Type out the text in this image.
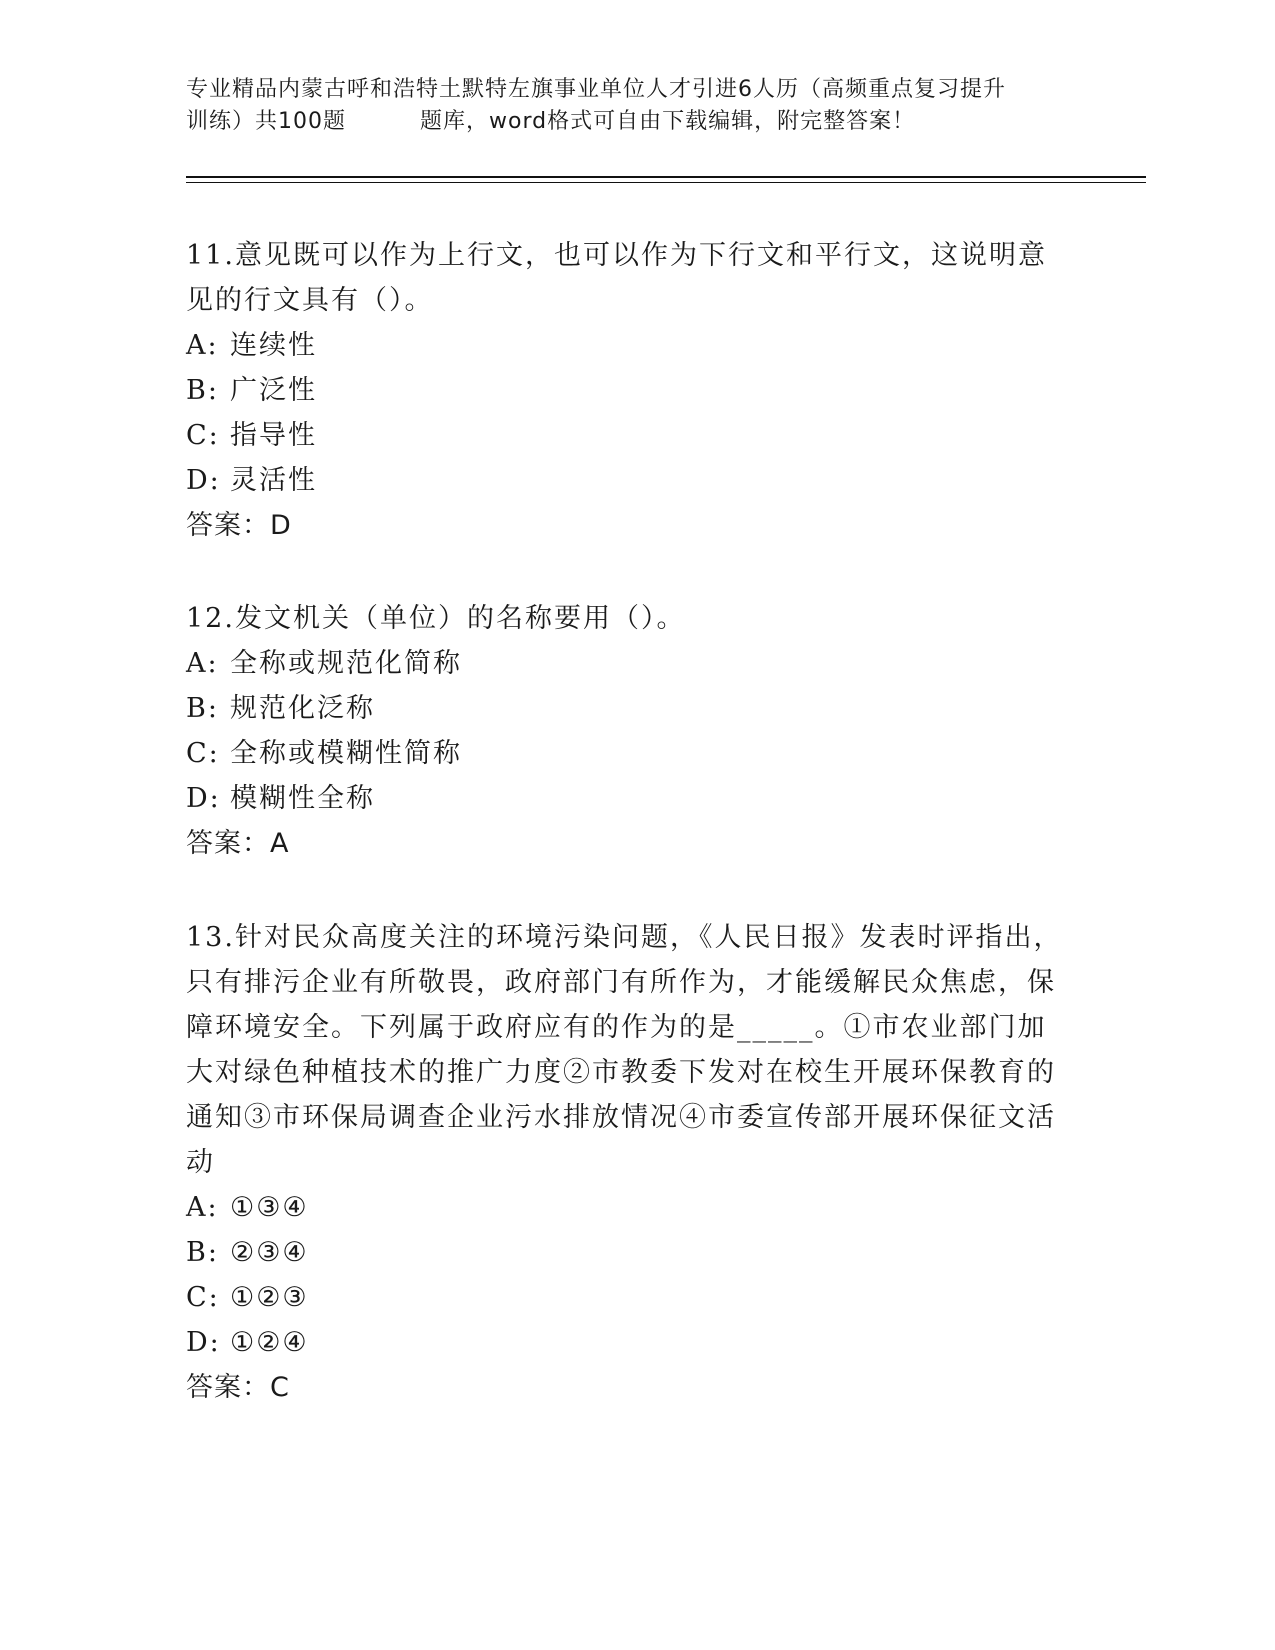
专业精品内蒙古呼和浩特土默特左旗事业单位人才引进6人历（高频重点复习提升
训练）共100题	题库，word格式可自由下载编辑，附完整答案！

11.意见既可以作为上行文，也可以作为下行文和平行文，这说明意见的行文具有（）。

A: 连续性

B: 广泛性

C: 指导性

D: 灵活性

答案：D

12.发文机关（单位）的名称要用（）。

A: 全称或规范化简称

B: 规范化泛称

C: 全称或模糊性简称

D: 模糊性全称

答案：A

13.针对民众高度关注的环境污染问题，《人民日报》发表时评指出，只有排污企业有所敬畏，政府部门有所作为，才能缓解民众焦虑，保障环境安全。下列属于政府应有的作为的是_____。①市农业部门加大对绿色种植技术的推广力度②市教委下发对在校生开展环保教育的通知③市环保局调查企业污水排放情况④市委宣传部开展环保征文活动

A: ①③④

B: ②③④

C: ①②③

D: ①②④

答案：C
